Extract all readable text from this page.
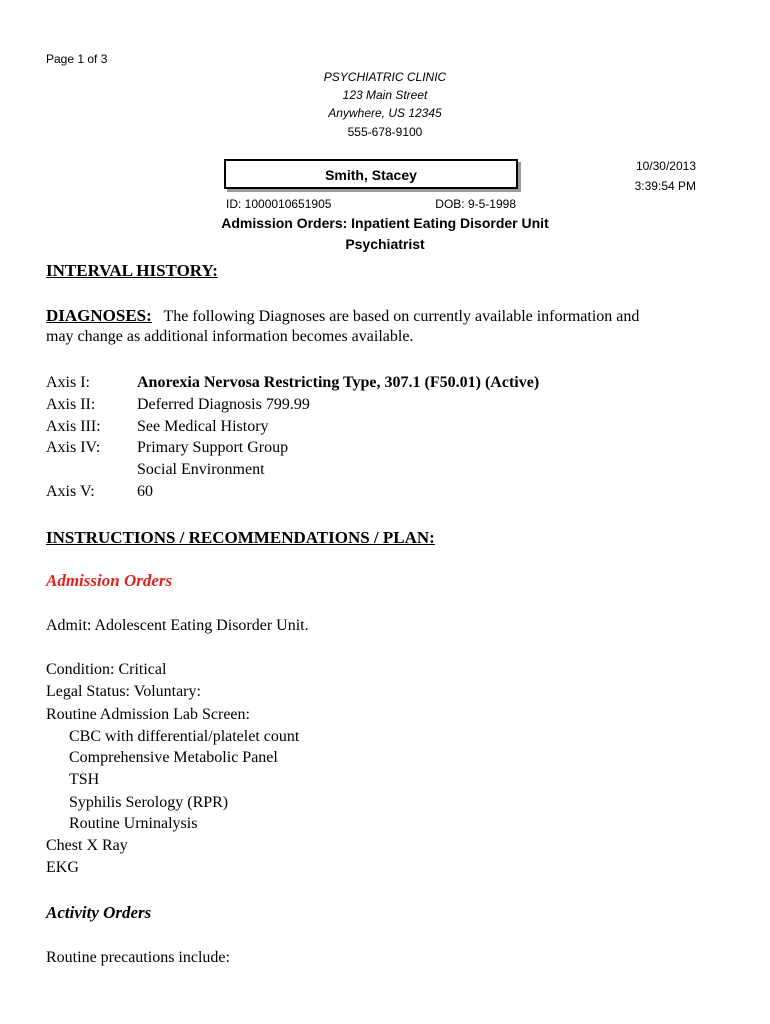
Page 1 of 3
PSYCHIATRIC CLINIC
123 Main Street
Anywhere, US 12345
555-678-9100
Smith, Stacey
10/30/2013
3:39:54 PM
ID: 1000010651905	DOB: 9-5-1998
Admission Orders: Inpatient Eating Disorder Unit
Psychiatrist
INTERVAL HISTORY:
DIAGNOSES: The following Diagnoses are based on currently available information and
may change as additional information becomes available.
Axis I:	Anorexia Nervosa Restricting Type, 307.1 (F50.01) (Active)
Axis II:	Deferred Diagnosis 799.99
Axis III: See Medical History
Axis IV: Primary Support Group
Social Environment
Axis V:	60
INSTRUCTIONS / RECOMMENDATIONS / PLAN:
Admission Orders
Admit: Adolescent Eating Disorder Unit.
Condition: Critical
Legal Status: Voluntary:
Routine Admission Lab Screen:
CBC with differential/platelet count
Comprehensive Metabolic Panel
TSH
Syphilis Serology (RPR)
Routine Urninalysis
Chest X Ray
EKG
Activity Orders
Routine precautions include:
